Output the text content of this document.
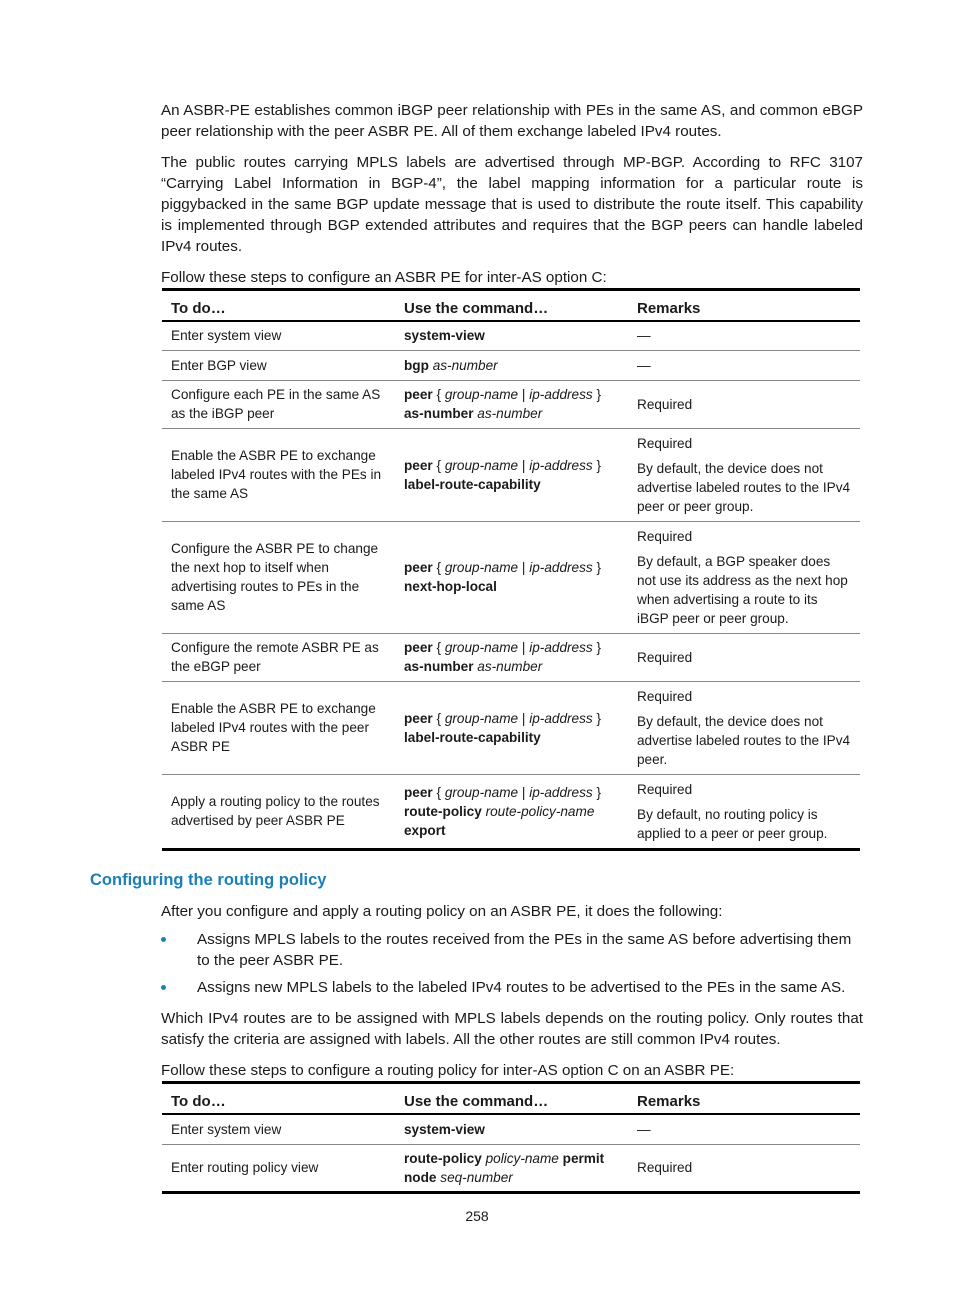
An ASBR-PE establishes common iBGP peer relationship with PEs in the same AS, and common eBGP peer relationship with the peer ASBR PE. All of them exchange labeled IPv4 routes.

The public routes carrying MPLS labels are advertised through MP-BGP. According to RFC 3107 “Carrying Label Information in BGP-4”, the label mapping information for a particular route is piggybacked in the same BGP update message that is used to distribute the route itself. This capability is implemented through BGP extended attributes and requires that the BGP peers can handle labeled IPv4 routes.

Follow these steps to configure an ASBR PE for inter-AS option C:

To do…	Use the command…	Remarks
Enter system view	system-view	—

Enter BGP view	bgp as-number	—

Configure each PE in the same AS as the iBGP peer	peer { group-name | ip-address } as-number as-number	Required

Enable the ASBR PE to exchange labeled IPv4 routes with the PEs in the same AS	peer { group-name | ip-address } label-route-capability	Required

By default, the device does not advertise labeled routes to the IPv4 peer or peer group.

Configure the ASBR PE to change the next hop to itself when advertising routes to PEs in the same AS	peer { group-name | ip-address } next-hop-local	Required

By default, a BGP speaker does not use its address as the next hop when advertising a route to its iBGP peer or peer group.

Configure the remote ASBR PE as the eBGP peer	peer { group-name | ip-address } as-number as-number	Required

Enable the ASBR PE to exchange labeled IPv4 routes with the peer ASBR PE	peer { group-name | ip-address } label-route-capability	Required

By default, the device does not advertise labeled routes to the IPv4 peer.

Apply a routing policy to the routes advertised by peer ASBR PE	peer { group-name | ip-address } route-policy route-policy-name export	Required

By default, no routing policy is applied to a peer or peer group.

Configuring the routing policy

After you configure and apply a routing policy on an ASBR PE, it does the following:

Assigns MPLS labels to the routes received from the PEs in the same AS before advertising them to the peer ASBR PE.
Assigns new MPLS labels to the labeled IPv4 routes to be advertised to the PEs in the same AS.

Which IPv4 routes are to be assigned with MPLS labels depends on the routing policy. Only routes that satisfy the criteria are assigned with labels. All the other routes are still common IPv4 routes.

Follow these steps to configure a routing policy for inter-AS option C on an ASBR PE:

To do…	Use the command…	Remarks
Enter system view	system-view	—

Enter routing policy view	route-policy policy-name permit node seq-number	Required

258
